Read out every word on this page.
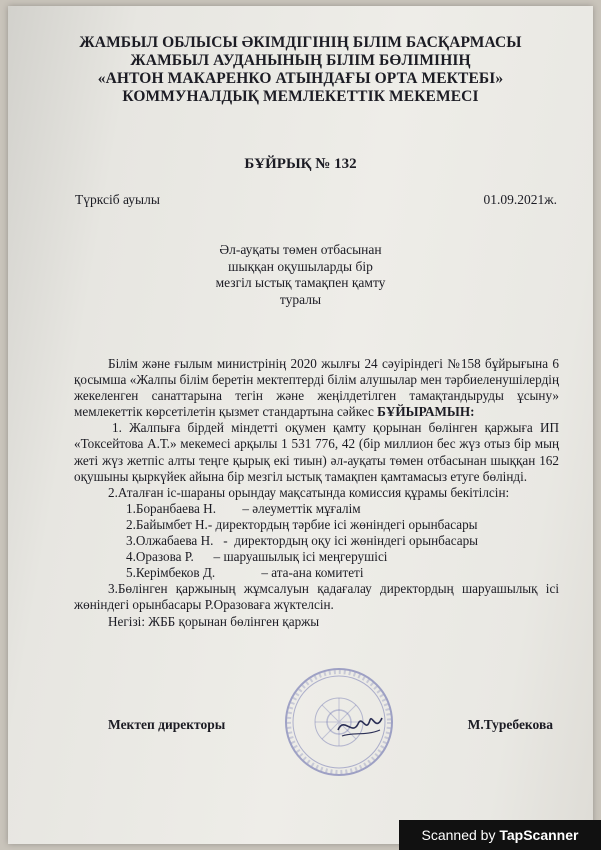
ЖАМБЫЛ ОБЛЫСЫ ӘКІМДІГІНІҢ БІЛІМ БАСҚАРМАСЫ
ЖАМБЫЛ АУДАНЫНЫҢ БІЛІМ БӨЛІМІНІҢ
«АНТОН МАКАРЕНКО АТЫНДАҒЫ ОРТА МЕКТЕБІ»
КОММУНАЛДЫҚ МЕМЛЕКЕТТІК МЕКЕМЕСІ
БҰЙРЫҚ № 132
Түрксіб ауылы	01.09.2021ж.
Әл-ауқаты төмен отбасынан
шыққан оқушыларды бір
мезгіл ыстық тамақпен қамту
туралы

Білім және ғылым министрінің 2020 жылғы 24 сәуіріндегі №158 бұйрығына 6 қосымша «Жалпы білім беретін мектептерді білім алушылар мен тәрбиеленушілердің жекеленген санаттарына тегін және жеңілдетілген тамақтандыруды ұсыну» мемлекеттік көрсетілетін қызмет стандартына сәйкес БҰЙЫРАМЫН:

1. Жалпыға бірдей міндетті оқумен қамту қорынан бөлінген қаржыға ИП «Токсейтова А.Т.» мекемесі арқылы 1 531 776, 42 (бір миллион бес жүз отыз бір мың жеті жүз жетпіс алты теңге қырық екі тиын) әл-ауқаты төмен отбасынан шыққан 162 оқушыны қыркүйек айына бір мезгіл ыстық тамақпен қамтамасыз етуге бөлінді.

2.Аталған іс-шараны орындау мақсатында комиссия құрамы бекітілсін:

1.Боранбаева Н.        – әлеуметтік мұғалім
2.Байымбет Н.- директордың тәрбие ісі жөніндегі орынбасары
3.Олжабаева Н.   -  директордың оқу ісі жөніндегі орынбасары
4.Оразова Р.      – шаруашылық ісі меңгерушісі
5.Керімбеков Д.              – ата-ана комитеті

3.Бөлінген қаржының жұмсалуын қадағалау директордың шаруашылық ісі жөніндегі орынбасары Р.Оразоваға жүктелсін.

Негізі: ЖББ қорынан бөлінген қаржы

Мектеп директоры	М.Туребекова
Scanned by TapScanner
